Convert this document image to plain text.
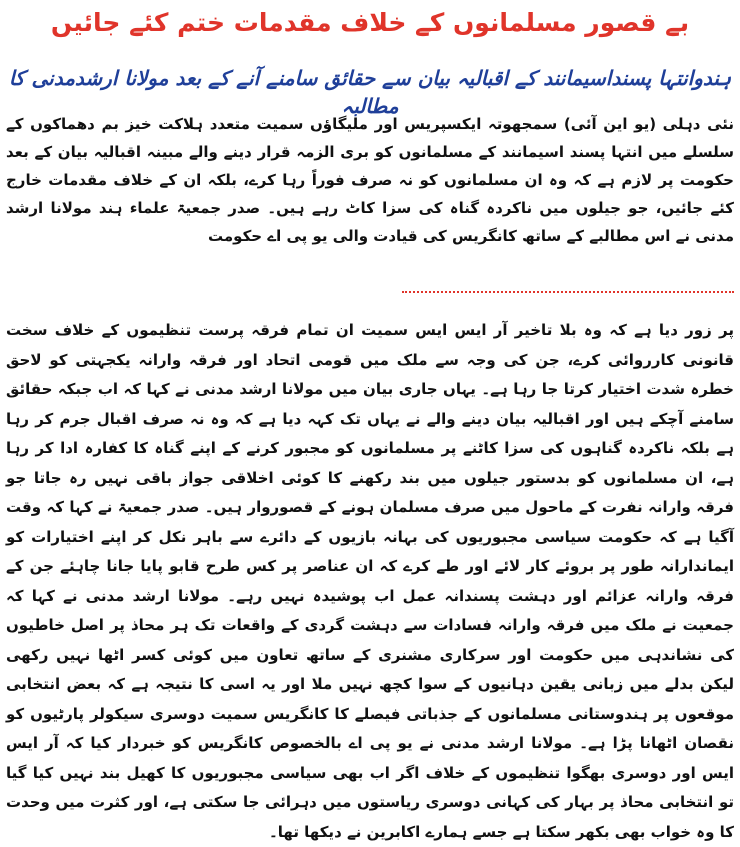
بے قصور مسلمانوں کے خلاف مقدمات ختم کئے جائیں
ہندوانتہا پسنداسیمانند کے اقبالیہ بیان سے حقائق سامنے آنے کے بعد مولانا ارشدمدنی کا مطالبہ
نئی دہلی (یو این آئی) سمجھوتہ ایکسپریس اور ملیگاؤں سمیت متعدد ہلاکت خیز بم دھماکوں کے سلسلے میں انتہا پسند اسیمانند کے مسلمانوں کو بری الزمہ قرار دینے والے مبینہ اقبالیہ بیان کے بعد حکومت پر لازم ہے کہ وہ ان مسلمانوں کو نہ صرف فوراً رہا کرے، بلکہ ان کے خلاف مقدمات خارج کئے جائیں، جو جیلوں میں ناکردہ گناہ کی سزا کاٹ رہے ہیں۔ صدر جمعیۃ علماء ہند مولانا ارشد مدنی نے اس مطالبے کے ساتھ کانگریس کی قیادت والی یو پی اے حکومت
پر زور دیا ہے کہ وہ بلا تاخیر آر ایس ایس سمیت ان تمام فرقہ پرست تنظیموں کے خلاف سخت قانونی کارروائی کرے، جن کی وجہ سے ملک میں قومی اتحاد اور فرقہ وارانہ یکجہتی کو لاحق خطرہ شدت اختیار کرتا جا رہا ہے۔ یہاں جاری بیان میں مولانا ارشد مدنی نے کہا کہ اب جبکہ حقائق سامنے آچکے ہیں اور اقبالیہ بیان دینے والے نے یہاں تک کہہ دیا ہے کہ وہ نہ صرف اقبال جرم کر رہا ہے بلکہ ناکردہ گناہوں کی سزا کاٹنے پر مسلمانوں کو مجبور کرنے کے اپنے گناہ کا کفارہ ادا کر رہا ہے، ان مسلمانوں کو بدستور جیلوں میں بند رکھنے کا کوئی اخلاقی جواز باقی نہیں رہ جاتا جو فرقہ وارانہ نفرت کے ماحول میں صرف مسلمان ہونے کے قصوروار ہیں۔ صدر جمعیۃ نے کہا کہ وقت آگیا ہے کہ حکومت سیاسی مجبوریوں کی بہانہ بازیوں کے دائرے سے باہر نکل کر اپنے اختیارات کو ایماندارانہ طور پر بروئے کار لائے اور طے کرے کہ ان عناصر پر کس طرح قابو پایا جانا چاہئے جن کے فرقہ وارانہ عزائم اور دہشت پسندانہ عمل اب پوشیدہ نہیں رہے۔ مولانا ارشد مدنی نے کہا کہ جمعیت نے ملک میں فرقہ وارانہ فسادات سے دہشت گردی کے واقعات تک ہر محاذ پر اصل خاطیوں کی نشاندہی میں حکومت اور سرکاری مشنری کے ساتھ تعاون میں کوئی کسر اٹھا نہیں رکھی لیکن بدلے میں زبانی یقین دہانیوں کے سوا کچھ نہیں ملا اور یہ اسی کا نتیجہ ہے کہ بعض انتخابی موقعوں پر ہندوستانی مسلمانوں کے جذباتی فیصلے کا کانگریس سمیت دوسری سیکولر پارٹیوں کو نقصان اٹھانا پڑا ہے۔ مولانا ارشد مدنی نے یو پی اے بالخصوص کانگریس کو خبردار کیا کہ آر ایس ایس اور دوسری بھگوا تنظیموں کے خلاف اگر اب بھی سیاسی مجبوریوں کا کھیل بند نہیں کیا گیا تو انتخابی محاذ پر بہار کی کہانی دوسری ریاستوں میں دہرائی جا سکتی ہے، اور کثرت میں وحدت کا وہ خواب بھی بکھر سکتا ہے جسے ہمارے اکابرین نے دیکھا تھا۔
